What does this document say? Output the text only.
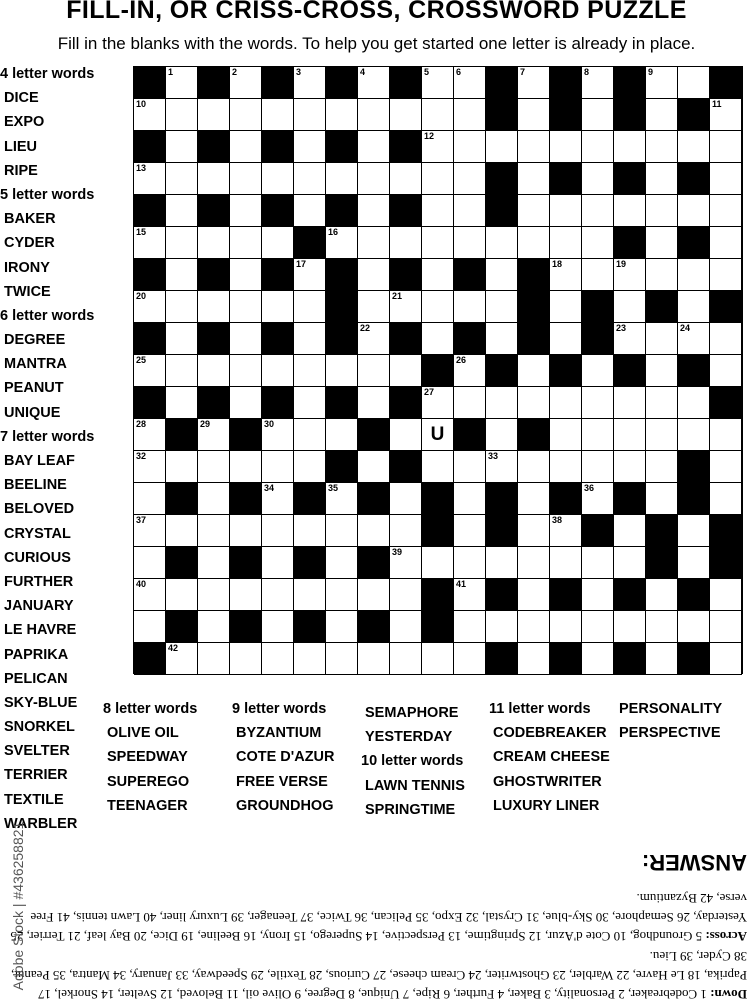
FILL-IN, OR CRISS-CROSS, CROSSWORD PUZZLE
Fill in the blanks with the words. To help you get started one letter is already in place.
1	2	3	4	5	6	7	8	9
10	11
12
13
14
15	16
17	18	19
20	21
22	23	24
25	26
27
28	29	30	U	31
32	33
34	35	36
37	38
39
40	41
42
4 letter words
DICE
EXPO
LIEU
RIPE
5 letter words
BAKER
CYDER
IRONY
TWICE
6 letter words
DEGREE
MANTRA
PEANUT
UNIQUE
7 letter words
BAY LEAF
BEELINE
BELOVED
CRYSTAL
CURIOUS
FURTHER
JANUARY
LE HAVRE
PAPRIKA
PELICAN
SKY-BLUE
SNORKEL
SVELTER
TERRIER
TEXTILE
WARBLER
8 letter words
OLIVE OIL
SPEEDWAY
SUPEREGO
TEENAGER
9 letter words
BYZANTIUM
COTE D'AZUR
FREE VERSE
GROUNDHOG
SEMAPHORE
YESTERDAY
10 letter words
LAWN TENNIS
SPRINGTIME
11 letter words
CODEBREAKER
CREAM CHEESE
GHOSTWRITER
LUXURY LINER
PERSONALITY
PERSPECTIVE
ANSWER:
Across: 5 Groundhog, 10 Cote d'Azur, 12 Springtime, 13 Perspective, 14 Superego, 15 Irony, 16 Beeline, 19 Dice, 20 Bay leaf, 21 Terrier, 25 Yesterday, 26 Semaphore, 30 Sky-blue, 31 Crystal, 32 Expo, 35 Pelican, 36 Twice, 37 Teenager, 39 Luxury liner, 40 Lawn tennis, 41 Free verse, 42 Byzantium.
Down: 1 Codebreaker, 2 Personality, 3 Baker, 4 Further, 6 Ripe, 7 Unique, 8 Degree, 9 Olive oil, 11 Beloved, 12 Svelter, 14 Snorkel, 17 Paprika, 18 Le Havre, 22 Warbler, 23 Ghostwriter, 24 Cream cheese, 27 Curious, 28 Textile, 29 Speedway, 33 January, 34 Mantra, 35 Peanut, 38 Cyder, 39 Lieu.
Adobe Stock | #436258821
